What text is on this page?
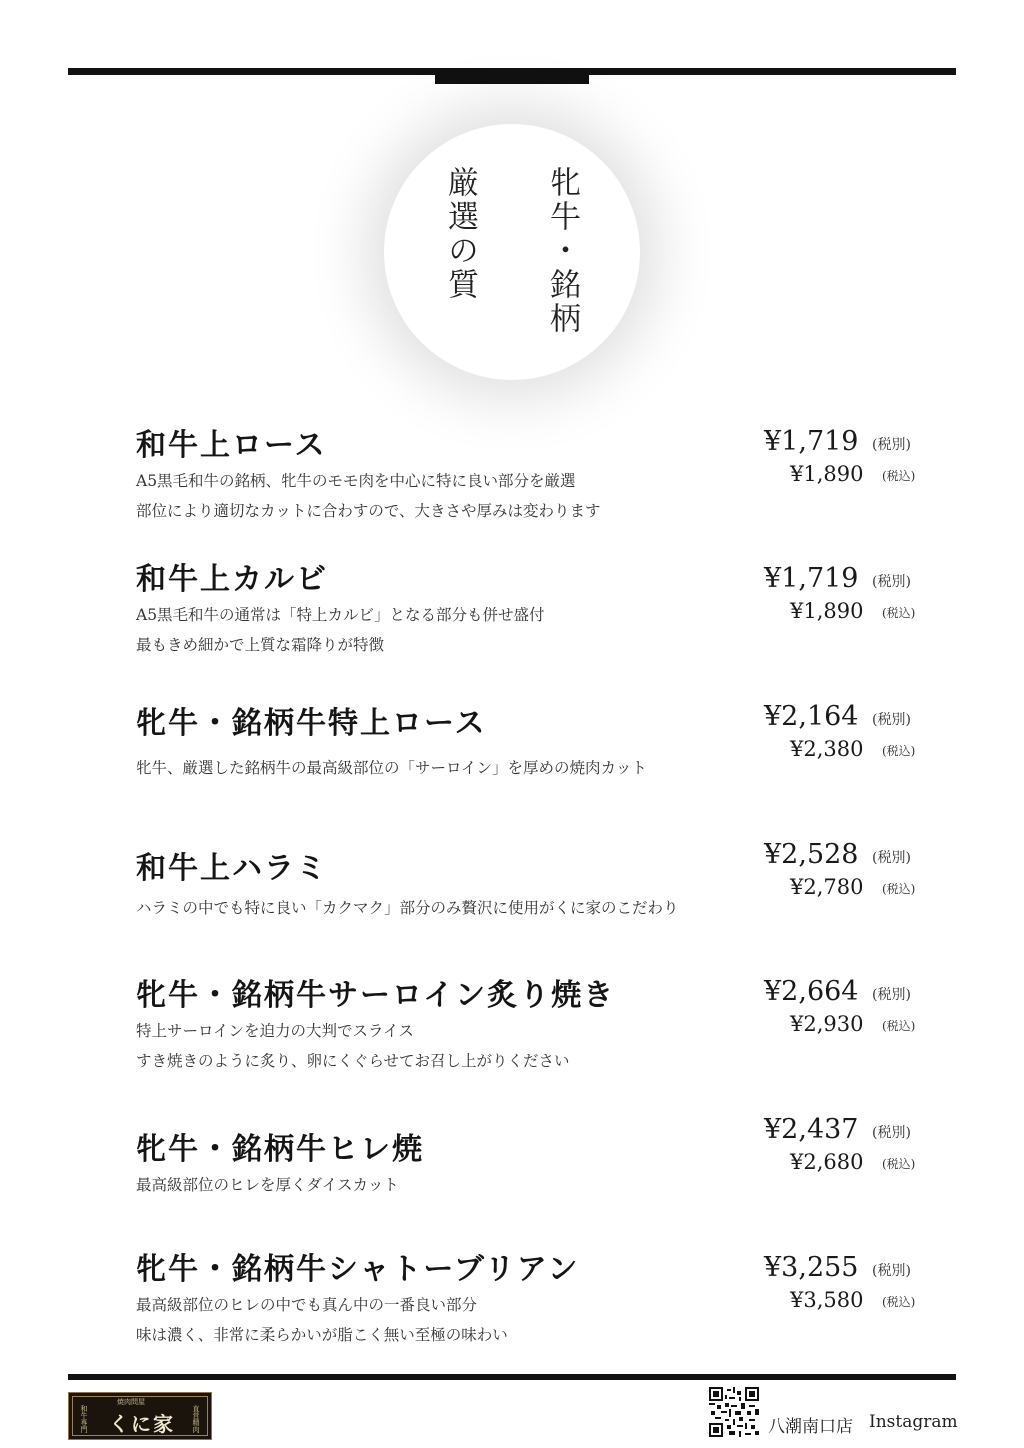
牝牛・銘柄
厳選の質
和牛上ロース
A5黒毛和牛の銘柄、牝牛のモモ肉を中心に特に良い部分を厳選
部位により適切なカットに合わすので、大きさや厚みは変わります
¥1,719 (税別)
¥1,890 (税込)
和牛上カルビ
A5黒毛和牛の通常は「特上カルビ」となる部分も併せ盛付
最もきめ細かで上質な霜降りが特徴
¥1,719 (税別)
¥1,890 (税込)
牝牛・銘柄牛特上ロース
牝牛、厳選した銘柄牛の最高級部位の「サーロイン」を厚めの焼肉カット
¥2,164 (税別)
¥2,380 (税込)
和牛上ハラミ
ハラミの中でも特に良い「カクマク」部分のみ贅沢に使用がくに家のこだわり
¥2,528 (税別)
¥2,780 (税込)
牝牛・銘柄牛サーロイン炙り焼き
特上サーロインを迫力の大判でスライス
すき焼きのように炙り、卵にくぐらせてお召し上がりください
¥2,664 (税別)
¥2,930 (税込)
牝牛・銘柄牛ヒレ焼
最高級部位のヒレを厚くダイスカット
¥2,437 (税別)
¥2,680 (税込)
牝牛・銘柄牛シャトーブリアン
最高級部位のヒレの中でも真ん中の一番良い部分
味は濃く、非常に柔らかいが脂こく無い至極の味わい
¥3,255 (税別)
¥3,580 (税込)
和牛専門
焼肉問屋
くに家 直営精肉	八潮南口店 Instagram
